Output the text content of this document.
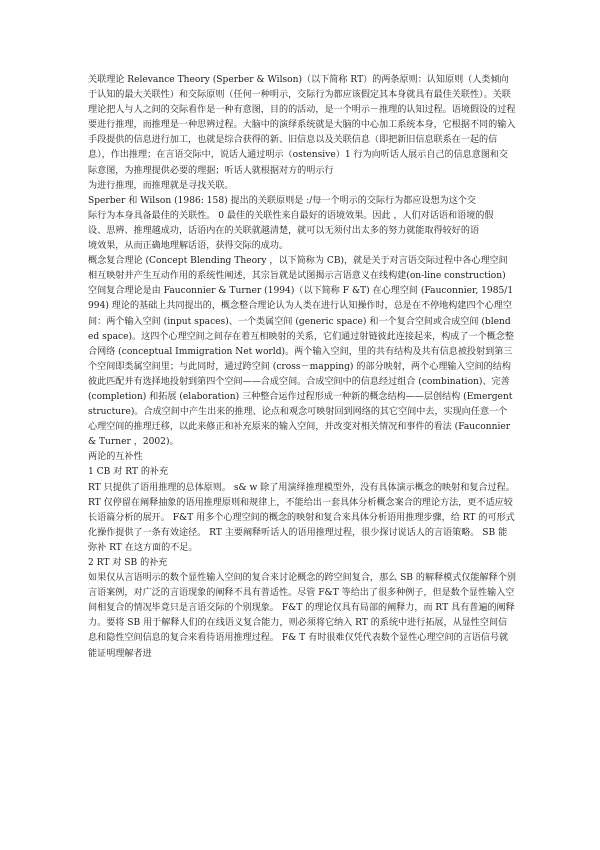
关联理论 Relevance Theory (Sperber & Wilson)（以下简称 RT）的两条原则：认知原则（人类倾向于认知的最大关联性）和交际原则（任何一种明示，交际行为都应该假定其本身就具有最佳关联性）。关联理论把人与人之间的交际看作是一种有意图，目的的活动，是一个明示－推理的认知过程。语境假设的过程要进行推理，而推理是一种思辨过程。大脑中的演绎系统就是大脑的中心加工系统本身，它根据不同的输入手段提供的信息进行加工，也就是综合获得的新、旧信息以及关联信息（即把新旧信息联系在一起的信息），作出推理；在言语交际中，说话人通过明示（ostensive）1 行为向听话人展示自己的信息意图和交际意图，为推理提供必要的理据；听话人就根据对方的明示行

为进行推理，而推理就是寻找关联。

Sperber 和 Wilson (1986: 158) 提出的关联原则是 :/每一个明示的交际行为都应设想为这个交

际行为本身具备最佳的关联性。 0 最佳的关联性来自最好的语境效果。因此 ，人们对话语和语境的假

设、思辨、推理越成功，话语内在的关联就越清楚，就可以无须付出太多的努力就能取得较好的语

境效果，从而正确地理解话语，获得交际的成功。

概念复合理论 (Concept Blending Theory ，以下简称为 CB)，就是关于对言语交际过程中各心理空间相互映射并产生互动作用的系统性阐述，其宗旨就是试图揭示言语意义在线构建(on-line construction) 空间复合理论是由 Fauconnier & Turner (1994)（以下简称 F &T) 在心理空间 (Fauconnier, 1985/1994) 理论的基础上共同提出的，概念整合理论认为人类在进行认知操作时，总是在不停地构建四个心理空间：两个输入空间 (input spaces)、一个类属空间 (generic space) 和一个复合空间或合成空间 (blended space)。这四个心理空间之间存在着互相映射的关系，它们通过射链彼此连接起来，构成了一个概念整合网络 (conceptual Immigration Net world)。两个输入空间，里的共有结构及共有信息被投射到第三个空间即类属空间里；与此同时，通过跨空间 (cross－mapping) 的部分映射，两个心理输入空间的结构彼此匹配并有选择地投射到第四个空间——合成空间。合成空间中的信息经过组合 (combination)、完善 (completion) 和拓展 (elaboration) 三种整合运作过程形成一种新的概念结构——层创结构 (Emergent structure)。合成空间中产生出来的推理、论点和观念可映射回到网络的其它空间中去，实现向任意一个心理空间的推理迁移，以此来修正和补充原来的输入空间，并改变对相关情况和事件的看法 (Fauconnier & Turner ，2002)。

两论的互补性

1 CB 对 RT 的补充

RT 只提供了语用推理的总体原则。 s& w 除了用演绎推理模型外，没有具体演示概念的映射和复合过程。 RT 仅停留在阐释抽象的语用推理原则和规律上，不能给出一套具体分析概念案合的理论方法，更不适应较长语篇分析的展开。 F&T 用多个心理空间的概念的映射和复合来具体分析语用推理步骤，给 RT 的可形式化操作提供了一条有效途径。 RT 主要阐释听话人的语用推理过程，很少探讨说话人的言语策略。 SB 能弥补 RT 在这方面的不足。

2 RT 对 SB 的补充

如果仅从言语明示的数个显性输入空间的复合来讨论概念的跨空间复合，那么 SB 的解释模式仅能解释个别言语案例，对广泛的言语现象的阐释不具有普适性。尽管 F&T 等给出了很多种例子，但是数个显性输入空间相复合的情况毕竟只是言语交际的个别现象。 F&T 的理论仅具有局部的阐释力，而 RT 具有普遍的阐释力。要将 SB 用于解释人们的在线语义复合能力，则必须将它纳入 RT 的系统中进行拓展，从显性空间信息和隐性空间信息的复合来看待语用推理过程。 F& T 有时很难仅凭代表数个显性心理空间的言语信号就能证明理解者进
